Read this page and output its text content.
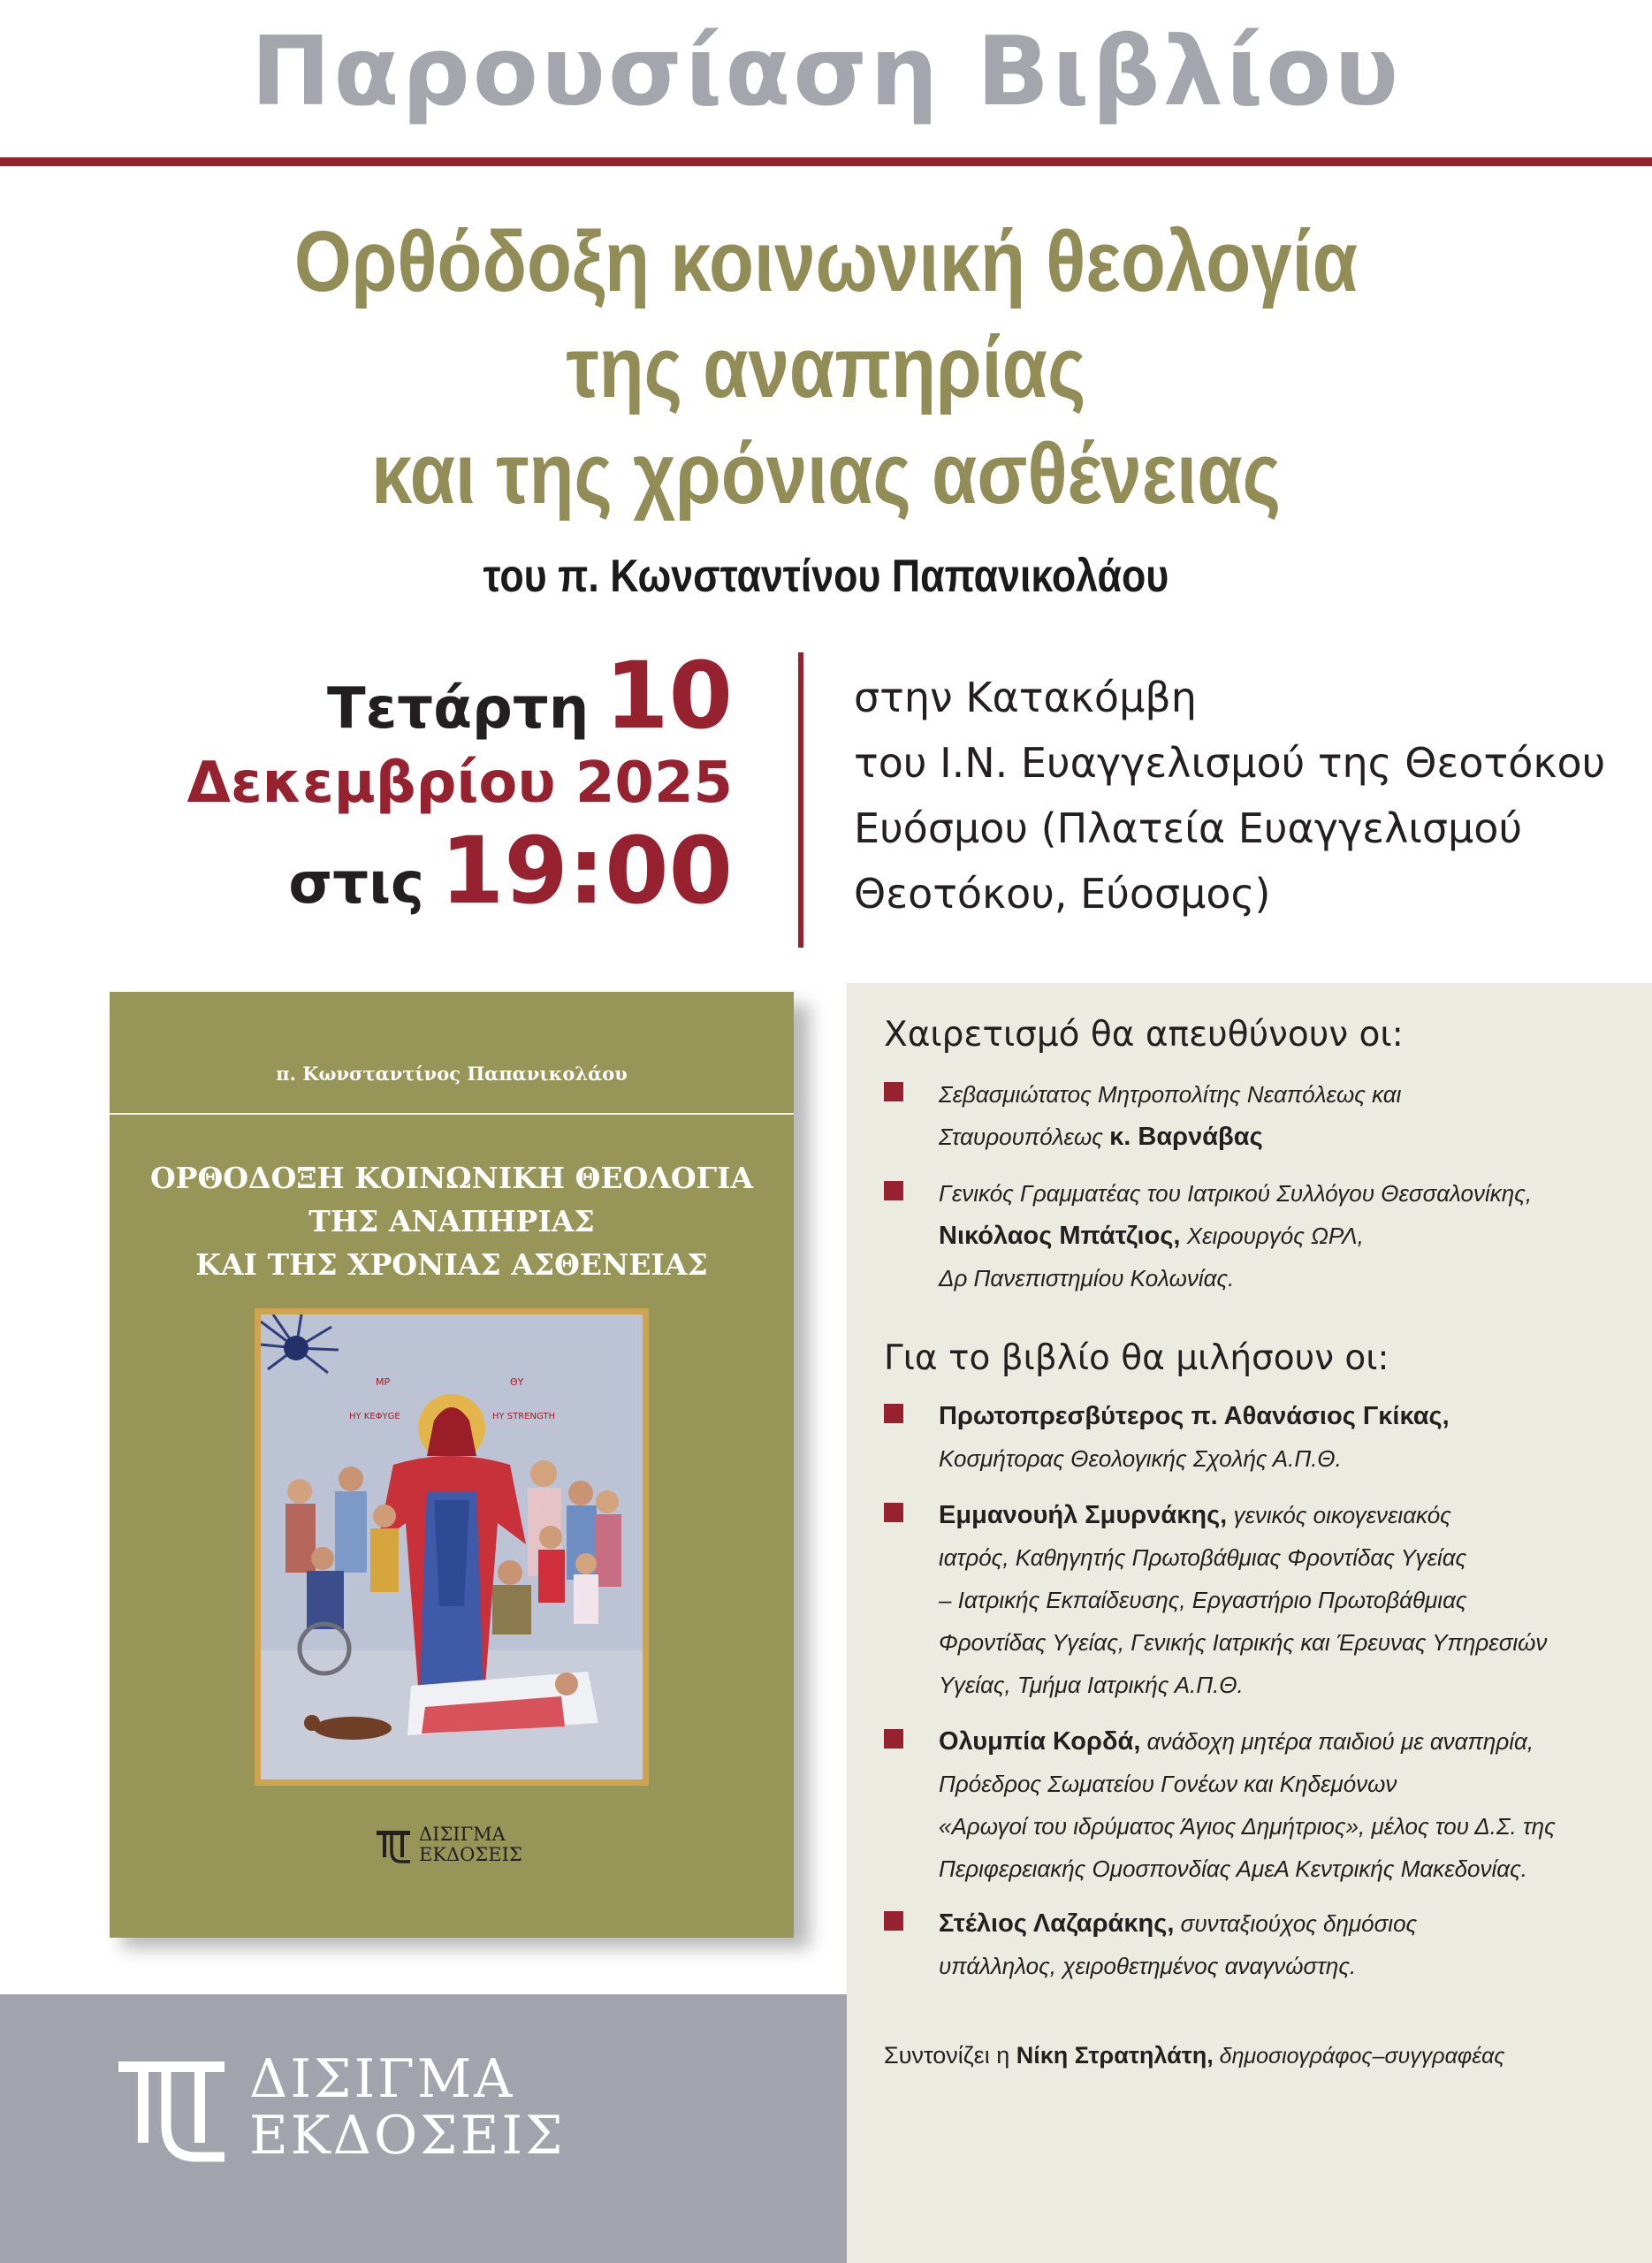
Παρουσίαση Βιβλίου
Ορθόδοξη κοινωνική θεολογία
της αναπηρίας
και της χρόνιας ασθένειας
του π. Κωνσταντίνου Παπανικολάου
Τετάρτη 10
Δεκεμβρίου 2025
στις 19:00
στην Κατακόμβη
του Ι.Ν. Ευαγγελισμού της Θεοτόκου
Ευόσμου (Πλατεία Ευαγγελισμού
Θεοτόκου, Εύοσμος)
π. Κωνσταντίνος Παπανικολάου
ΟΡΘΟΔΟΞΗ ΚΟΙΝΩΝΙΚΗ ΘΕΟΛΟΓΙΑ
ΤΗΣ ΑΝΑΠΗΡΙΑΣ
ΚΑΙ ΤΗΣ ΧΡΟΝΙΑΣ ΑΣΘΕΝΕΙΑΣ
ΜΡ	ΘΥ
ΗΥ ΚΕΦΥGΕ	ΗΥ STRENGTH
ΔΙΣΙΓΜΑ
ΕΚΔΟΣΕΙΣ
Χαιρετισμό θα απευθύνουν οι:
Σεβασμιώτατος Μητροπολίτης Νεαπόλεως και
Σταυρουπόλεως κ. Βαρνάβας
Γενικός Γραμματέας του Ιατρικού Συλλόγου Θεσσαλονίκης,
Νικόλαος Μπάτζιος, Χειρουργός ΩΡΛ,
Δρ Πανεπιστημίου Κολωνίας.
Για το βιβλίο θα μιλήσουν οι:
Πρωτοπρεσβύτερος π. Αθανάσιος Γκίκας,
Κοσμήτορας Θεολογικής Σχολής Α.Π.Θ.
Εμμανουήλ Σμυρνάκης, γενικός οικογενειακός
ιατρός, Καθηγητής Πρωτοβάθμιας Φροντίδας Υγείας
– Ιατρικής Εκπαίδευσης, Εργαστήριο Πρωτοβάθμιας
Φροντίδας Υγείας, Γενικής Ιατρικής και Έρευνας Υπηρεσιών
Υγείας, Τμήμα Ιατρικής Α.Π.Θ.
Ολυμπία Κορδά, ανάδοχη μητέρα παιδιού με αναπηρία,
Πρόεδρος Σωματείου Γονέων και Κηδεμόνων
«Αρωγοί του ιδρύματος Άγιος Δημήτριος», μέλος του Δ.Σ. της
Περιφερειακής Ομοσπονδίας ΑμεΑ Κεντρικής Μακεδονίας.
Στέλιος Λαζαράκης, συνταξιούχος δημόσιος
υπάλληλος, χειροθετημένος αναγνώστης.
Συντονίζει η Νίκη Στρατηλάτη, δημοσιογράφος–συγγραφέας
ΔΙΣΙΓΜΑ
ΕΚΔΟΣΕΙΣ
